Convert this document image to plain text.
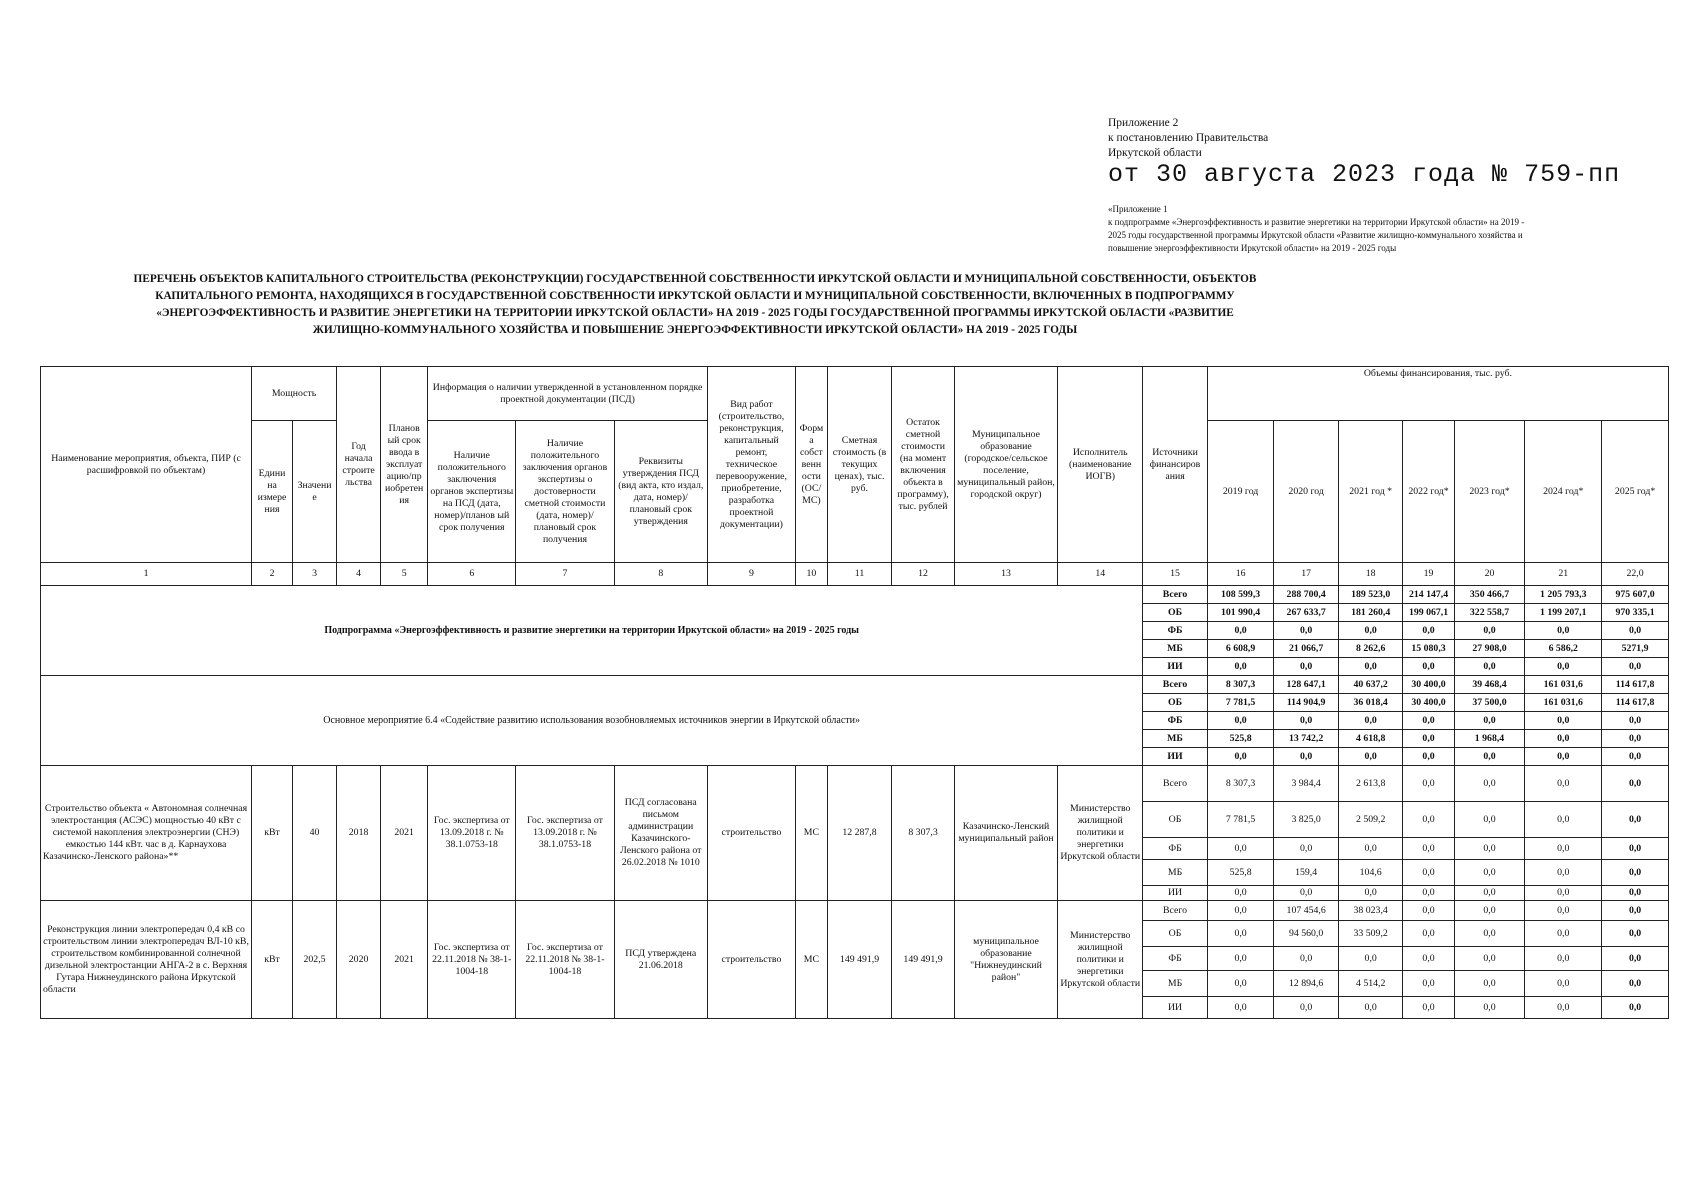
Приложение 2
к постановлению Правительства
Иркутской области
от 30 августа 2023 года № 759-пп
«Приложение 1
к подпрограмме «Энергоэффективность и развитие энергетики на территории Иркутской области» на 2019 -
2025 годы государственной программы Иркутской области «Развитие жилищно-коммунального хозяйства и
повышение энергоэффективности Иркутской области» на 2019 - 2025 годы
ПЕРЕЧЕНЬ ОБЪЕКТОВ КАПИТАЛЬНОГО СТРОИТЕЛЬСТВА (РЕКОНСТРУКЦИИ) ГОСУДАРСТВЕННОЙ СОБСТВЕННОСТИ ИРКУТСКОЙ ОБЛАСТИ И МУНИЦИПАЛЬНОЙ СОБСТВЕННОСТИ, ОБЪЕКТОВ
КАПИТАЛЬНОГО РЕМОНТА, НАХОДЯЩИХСЯ В ГОСУДАРСТВЕННОЙ СОБСТВЕННОСТИ ИРКУТСКОЙ ОБЛАСТИ И МУНИЦИПАЛЬНОЙ СОБСТВЕННОСТИ, ВКЛЮЧЕННЫХ В ПОДПРОГРАММУ
«ЭНЕРГОЭФФЕКТИВНОСТЬ И РАЗВИТИЕ ЭНЕРГЕТИКИ НА ТЕРРИТОРИИ ИРКУТСКОЙ ОБЛАСТИ» НА 2019 - 2025 ГОДЫ ГОСУДАРСТВЕННОЙ ПРОГРАММЫ ИРКУТСКОЙ ОБЛАСТИ «РАЗВИТИЕ
ЖИЛИЩНО-КОММУНАЛЬНОГО ХОЗЯЙСТВА И ПОВЫШЕНИЕ ЭНЕРГОЭФФЕКТИВНОСТИ ИРКУТСКОЙ ОБЛАСТИ» НА 2019 - 2025 ГОДЫ
Наименование мероприятия, объекта, ПИР (с расшифровкой по объектам)	Мощность		Год начала строите льства	Планов ый срок ввода в эксплуат ацию/пр иобретен ия	Информация о наличии утвержденной в установленном порядке проектной документации (ПСД)			Вид работ (строительство, реконструкция, капитальный ремонт, техническое перевооружение, приобретение, разработка проектной документации)	Форм а собст венн ости (ОС/ МС)	Сметная стоимость (в текущих ценах), тыс. руб.	Остаток сметной стоимости (на момент включения объекта в программу), тыс. рублей	Муниципальное образование (городское/сельское поселение, муниципальный район, городской округ)	Исполнитель (наименование ИОГВ)	Источники финансиров ания	Объемы финансирования, тыс. руб.						
	Едини на измере ния	Значени е			Наличие положительного заключения органов экспертизы на ПСД (дата, номер)/планов ый срок получения	Наличие положительного заключения органов экспертизы о достоверности сметной стоимости (дата, номер)/плановый срок получения	Реквизиты утверждения ПСД (вид акта, кто издал, дата, номер)/плановый срок утверждения								2019 год	2020 год	2021 год *	2022 год*	2023 год*	2024 год*	2025 год*
1	2	3	4	5	6	7	8	9	10	11	12	13	14	15	16	17	18	19	20	21	22,0
Подпрограмма «Энергоэффективность и развитие энергетики на территории Иркутской области» на 2019 - 2025 годы														Всего	108 599,3	288 700,4	189 523,0	214 147,4	350 466,7	1 205 793,3	975 607,0
														ОБ	101 990,4	267 633,7	181 260,4	199 067,1	322 558,7	1 199 207,1	970 335,1
														ФБ	0,0	0,0	0,0	0,0	0,0	0,0	0,0
														МБ	6 608,9	21 066,7	8 262,6	15 080,3	27 908,0	6 586,2	5271,9
														ИИ	0,0	0,0	0,0	0,0	0,0	0,0	0,0
Основное мероприятие 6.4 «Содействие развитию использования возобновляемых источников энергии в Иркутской области»														Всего	8 307,3	128 647,1	40 637,2	30 400,0	39 468,4	161 031,6	114 617,8
														ОБ	7 781,5	114 904,9	36 018,4	30 400,0	37 500,0	161 031,6	114 617,8
														ФБ	0,0	0,0	0,0	0,0	0,0	0,0	0,0
														МБ	525,8	13 742,2	4 618,8	0,0	1 968,4	0,0	0,0
														ИИ	0,0	0,0	0,0	0,0	0,0	0,0	0,0
Строительство объекта « Автономная солнечная электростанция (АСЭС) мощностью 40 кВт с системой накопления электроэнергии (СНЭ) емкостью 144 кВт. час в д. Карнаухова Казачинско-Ленского района»**	кВт	40	2018	2021	Гос. экспертиза от 13.09.2018 г. № 38.1.0753-18	Гос. экспертиза от 13.09.2018 г. № 38.1.0753-18	ПСД согласована письмом администрации Казачинского-Ленского района от 26.02.2018 № 1010	строительство	МС	12 287,8	8 307,3	Казачинско-Ленский муниципальный район	Министерство жилищной политики и энергетики Иркутской области	Всего	8 307,3	3 984,4	2 613,8	0,0	0,0	0,0	0,0
														ОБ	7 781,5	3 825,0	2 509,2	0,0	0,0	0,0	0,0
														ФБ	0,0	0,0	0,0	0,0	0,0	0,0	0,0
														МБ	525,8	159,4	104,6	0,0	0,0	0,0	0,0
														ИИ	0,0	0,0	0,0	0,0	0,0	0,0	0,0
Реконструкция линии электропередач 0,4 кВ со строительством линии электропередач ВЛ-10 кВ, строительством комбинированной солнечной дизельной электростанции АНГА-2 в с. Верхняя Гутара Нижнеудинского района Иркутской области	кВт	202,5	2020	2021	Гос. экспертиза от 22.11.2018 № 38-1-1004-18	Гос. экспертиза от 22.11.2018 № 38-1-1004-18	ПСД утверждена 21.06.2018	строительство	МС	149 491,9	149 491,9	муниципальное образование "Нижнеудинский район"	Министерство жилищной политики и энергетики Иркутской области	Всего	0,0	107 454,6	38 023,4	0,0	0,0	0,0	0,0
														ОБ	0,0	94 560,0	33 509,2	0,0	0,0	0,0	0,0
														ФБ	0,0	0,0	0,0	0,0	0,0	0,0	0,0
														МБ	0,0	12 894,6	4 514,2	0,0	0,0	0,0	0,0
														ИИ	0,0	0,0	0,0	0,0	0,0	0,0	0,0
